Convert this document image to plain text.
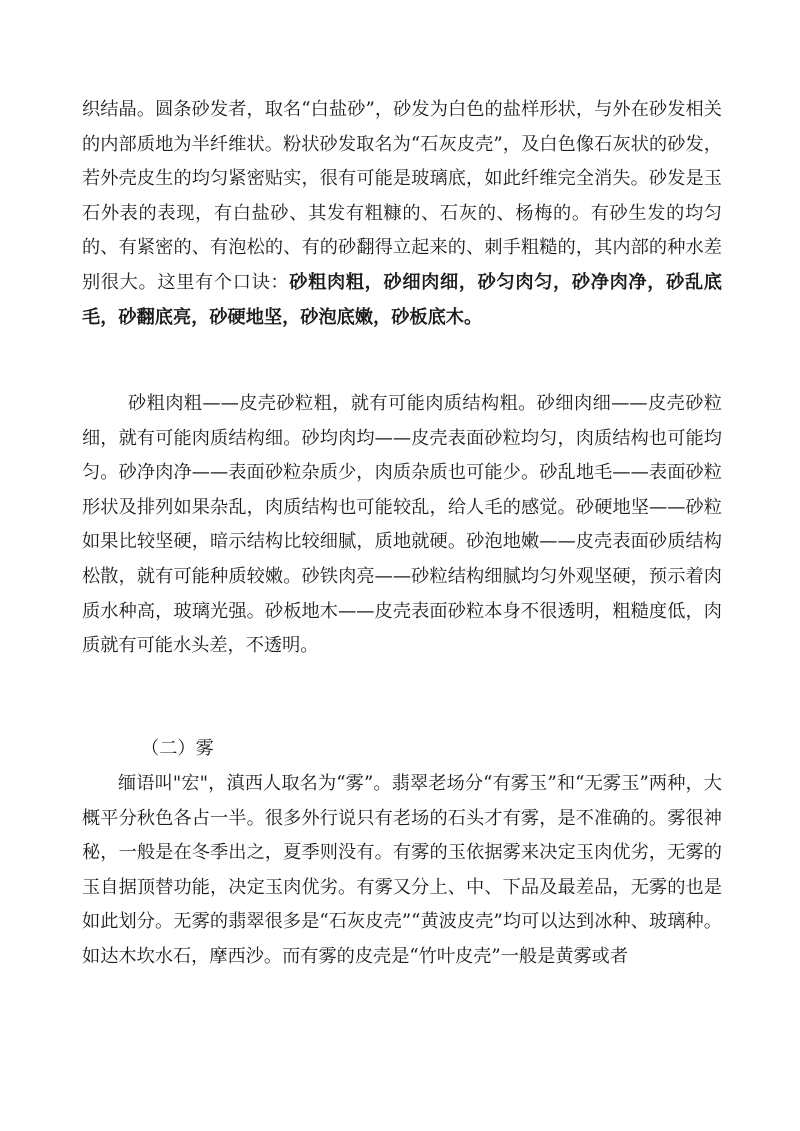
织结晶。圆条砂发者，取名“白盐砂”，砂发为白色的盐样形状，与外在砂发相关的内部质地为半纤维状。粉状砂发取名为“石灰皮壳”，及白色像石灰状的砂发，若外壳皮生的均匀紧密贴实，很有可能是玻璃底，如此纤维完全消失。砂发是玉石外表的表现，有白盐砂、其发有粗糠的、石灰的、杨梅的。有砂生发的均匀的、有紧密的、有泡松的、有的砂翻得立起来的、刺手粗糙的，其内部的种水差别很大。这里有个口诀：砂粗肉粗，砂细肉细，砂匀肉匀，砂净肉净，砂乱底毛，砂翻底亮，砂硬地坚，砂泡底嫩，砂板底木。

砂粗肉粗——皮壳砂粒粗，就有可能肉质结构粗。砂细肉细——皮壳砂粒细，就有可能肉质结构细。砂均肉均——皮壳表面砂粒均匀，肉质结构也可能均匀。砂净肉净——表面砂粒杂质少，肉质杂质也可能少。砂乱地毛——表面砂粒形状及排列如果杂乱，肉质结构也可能较乱，给人毛的感觉。砂硬地坚——砂粒如果比较坚硬，暗示结构比较细腻，质地就硬。砂泡地嫩——皮壳表面砂质结构松散，就有可能种质较嫩。砂铁肉亮——砂粒结构细腻均匀外观坚硬，预示着肉质水种高，玻璃光强。砂板地木——皮壳表面砂粒本身不很透明，粗糙度低，肉质就有可能水头差，不透明。

（二）雾

缅语叫"宏"，滇西人取名为“雾”。翡翠老场分“有雾玉”和“无雾玉”两种，大概平分秋色各占一半。很多外行说只有老场的石头才有雾，是不准确的。雾很神秘，一般是在冬季出之，夏季则没有。有雾的玉依据雾来决定玉肉优劣，无雾的玉自据顶替功能，决定玉肉优劣。有雾又分上、中、下品及最差品，无雾的也是如此划分。无雾的翡翠很多是“石灰皮壳”“黄波皮壳”均可以达到冰种、玻璃种。如达木坎水石，摩西沙。而有雾的皮壳是“竹叶皮壳”一般是黄雾或者
